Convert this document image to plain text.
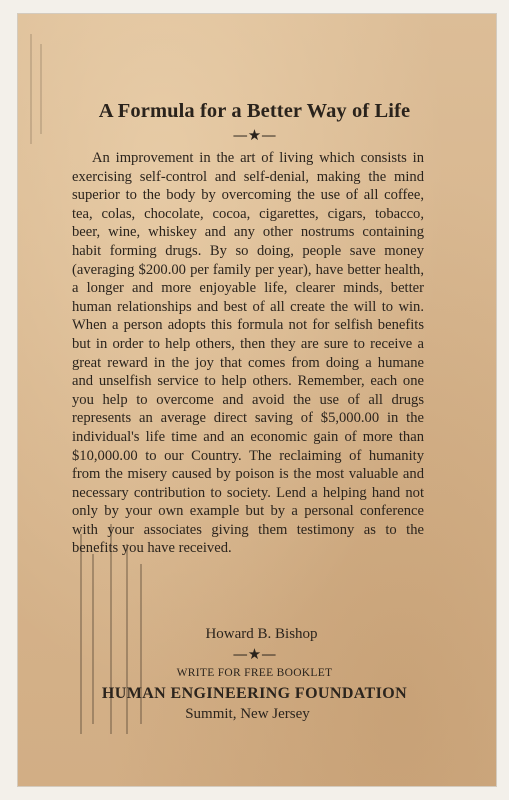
A Formula for a Better Way of Life
—★—
An improvement in the art of living which consists in exercising self-control and self-denial, making the mind superior to the body by overcoming the use of all coffee, tea, colas, chocolate, cocoa, cigarettes, cigars, tobacco, beer, wine, whiskey and any other nostrums containing habit forming drugs. By so doing, people save money (averaging $200.00 per family per year), have better health, a longer and more enjoyable life, clearer minds, better human relationships and best of all create the will to win. When a person adopts this formula not for selfish benefits but in order to help others, then they are sure to receive a great reward in the joy that comes from doing a humane and unselfish service to help others. Remember, each one you help to overcome and avoid the use of all drugs represents an average direct saving of $5,000.00 in the individual's life time and an economic gain of more than $10,000.00 to our Country. The reclaiming of humanity from the misery caused by poison is the most valuable and necessary contribution to society. Lend a helping hand not only by your own example but by a personal conference with your associates giving them testimony as to the benefits you have received.
Howard B. Bishop
—★—
WRITE FOR FREE BOOKLET
HUMAN ENGINEERING FOUNDATION
Summit, New Jersey
